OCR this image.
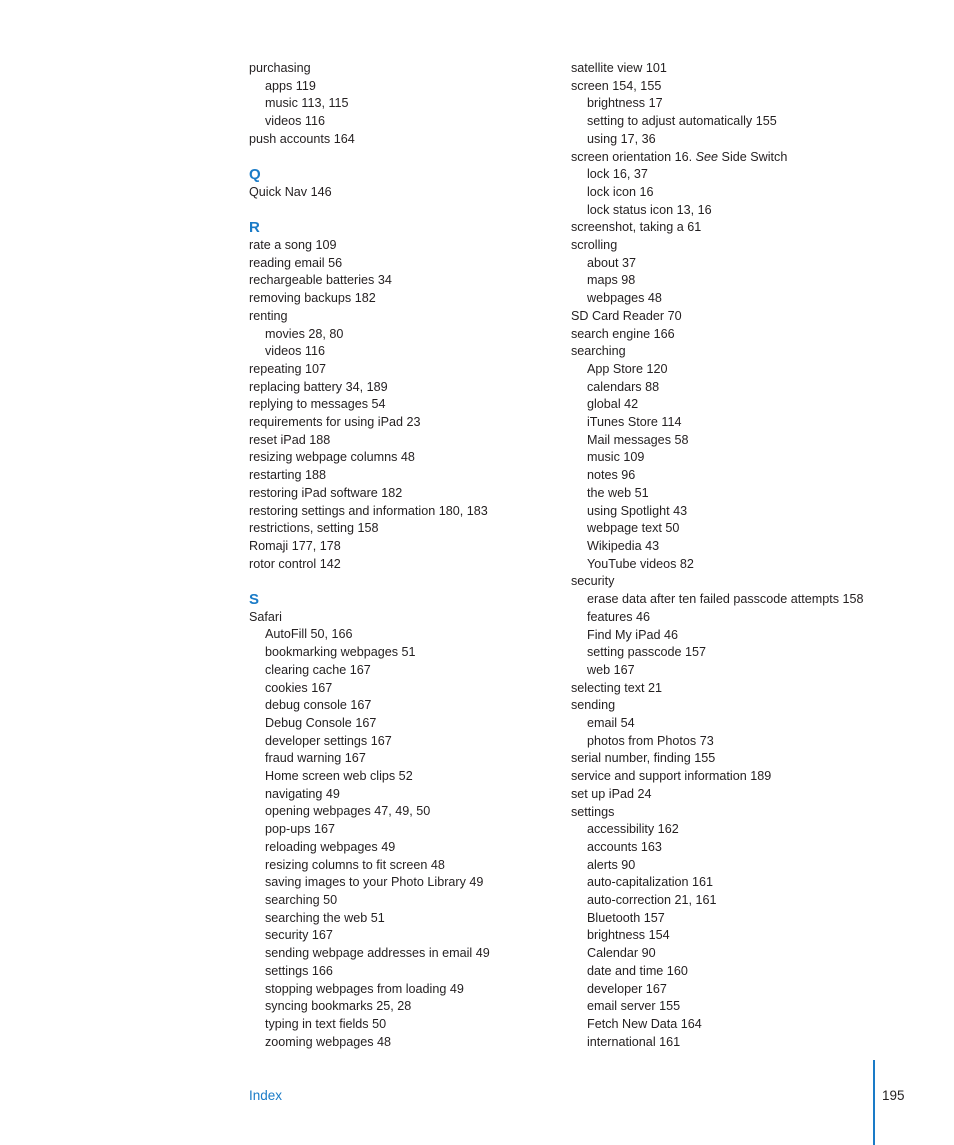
purchasing
apps 119
music 113, 115
videos 116
push accounts 164
Q
Quick Nav 146
R
rate a song 109
reading email 56
rechargeable batteries 34
removing backups 182
renting
movies 28, 80
videos 116
repeating 107
replacing battery 34, 189
replying to messages 54
requirements for using iPad 23
reset iPad 188
resizing webpage columns 48
restarting 188
restoring iPad software 182
restoring settings and information 180, 183
restrictions, setting 158
Romaji 177, 178
rotor control 142
S
Safari
AutoFill 50, 166
bookmarking webpages 51
clearing cache 167
cookies 167
debug console 167
Debug Console 167
developer settings 167
fraud warning 167
Home screen web clips 52
navigating 49
opening webpages 47, 49, 50
pop-ups 167
reloading webpages 49
resizing columns to fit screen 48
saving images to your Photo Library 49
searching 50
searching the web 51
security 167
sending webpage addresses in email 49
settings 166
stopping webpages from loading 49
syncing bookmarks 25, 28
typing in text fields 50
zooming webpages 48
satellite view 101
screen 154, 155
brightness 17
setting to adjust automatically 155
using 17, 36
screen orientation 16. See Side Switch
lock 16, 37
lock icon 16
lock status icon 13, 16
screenshot, taking a 61
scrolling
about 37
maps 98
webpages 48
SD Card Reader 70
search engine 166
searching
App Store 120
calendars 88
global 42
iTunes Store 114
Mail messages 58
music 109
notes 96
the web 51
using Spotlight 43
webpage text 50
Wikipedia 43
YouTube videos 82
security
erase data after ten failed passcode attempts 158
features 46
Find My iPad 46
setting passcode 157
web 167
selecting text 21
sending
email 54
photos from Photos 73
serial number, finding 155
service and support information 189
set up iPad 24
settings
accessibility 162
accounts 163
alerts 90
auto-capitalization 161
auto-correction 21, 161
Bluetooth 157
brightness 154
Calendar 90
date and time 160
developer 167
email server 155
Fetch New Data 164
international 161
Index	195
